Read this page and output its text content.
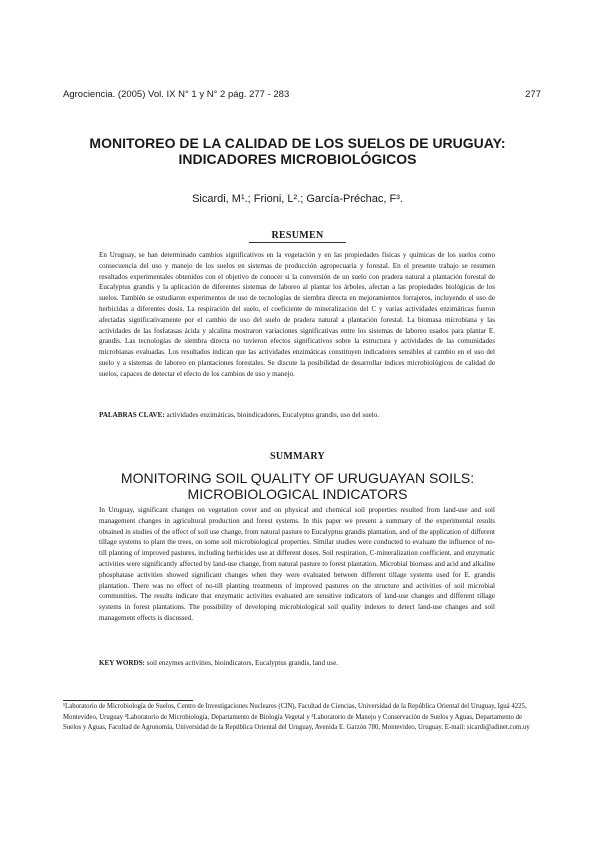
Agrociencia. (2005) Vol. IX N° 1 y N° 2 pág. 277 - 283	277
MONITOREO DE LA CALIDAD DE LOS SUELOS DE URUGUAY:
INDICADORES MICROBIOLÓGICOS
Sicardi, M¹.; Frioni, L².; García-Préchac, F³.
RESUMEN
En Uruguay, se han determinado cambios significativos en la vegetación y en las propiedades físicas y químicas de los suelos como consecuencia del uso y manejo de los suelos en sistemas de producción agropecuaria y forestal. En el presente trabajo se resumen resultados experimentales obtenidos con el objetivo de conocer si la conversión de un suelo con pradera natural a plantación forestal de Eucalyptus grandis y la aplicación de diferentes sistemas de laboreo al plantar los árboles, afectan a las propiedades biológicas de los suelos. También se estudiaron experimentos de uso de tecnologías de siembra directa en mejoramientos forrajeros, incluyendo el uso de herbicidas a diferentes dosis. La respiración del suelo, el coeficiente de mineralización del C y varias actividades enzimáticas fueron afectadas significativamente por el cambio de uso del suelo de pradera natural a plantación forestal. La biomasa microbiana y las actividades de las fosfatasas ácida y alcalina mostraron variaciones significativas entre los sistemas de laboreo usados para plantar E. grandis. Las tecnologías de siembra directa no tuvieron efectos significativos sobre la estructura y actividades de las comunidades microbianas evaluadas. Los resultados indican que las actividades enzimáticas constituyen indicadores sensibles al cambio en el uso del suelo y a sistemas de laboreo en plantaciones forestales. Se discute la posibilidad de desarrollar índices microbiológicos de calidad de suelos, capaces de detectar el efecto de los cambios de uso y manejo.
PALABRAS CLAVE: actividades enzimáticas, bioindicadores, Eucalyptus grandis, uso del suelo.
SUMMARY
MONITORING SOIL QUALITY OF URUGUAYAN SOILS:
MICROBIOLOGICAL INDICATORS
In Uruguay, significant changes on vegetation cover and on physical and chemical soil properties resulted from land-use and soil management changes in agricultural production and forest systems. In this paper we present a summary of the experimental results obtained in studies of the effect of soil use change, from natural pasture to Eucalyptus grandis plantation, and of the application of different tillage systems to plant the trees, on some soil microbiological properties. Similar studies were conducted to evaluate the influence of no-till planting of improved pastures, including herbicides use at different doses. Soil respiration, C-mineralization coefficient, and enzymatic activities were significantly affected by land-use change, from natural pasture to forest plantation. Microbial biomass and acid and alkaline phosphatase activities showed significant changes when they were evaluated between different tillage systems used for E. grandis plantation. There was no effect of no-till planting treatments of improved pastures on the structure and activities of soil microbial communities. The results indicate that enzymatic activities evaluated are sensitive indicators of land-use changes and different tillage systems in forest plantations. The possibility of developing microbiological soil quality indexes to detect land-use changes and soil management effects is discussed.
KEY WORDS: soil enzymes activities, bioindicators, Eucalyptus grandis, land use.
¹Laboratorio de Microbiología de Suelos, Centro de Investigaciones Nucleares (CIN), Facultad de Ciencias, Universidad de la República Oriental del Uruguay, Iguá 4225, Montevideo, Uruguay ²Laboratorio de Microbiología, Departamento de Biología Vegetal y ³Laboratorio de Manejo y Conservación de Suelos y Aguas, Departamento de Suelos y Aguas, Facultad de Agronomía, Universidad de la República Oriental del Uruguay, Avenida E. Garzón 780, Montevideo, Uruguay. E-mail: sicardi@adinet.com.uy
